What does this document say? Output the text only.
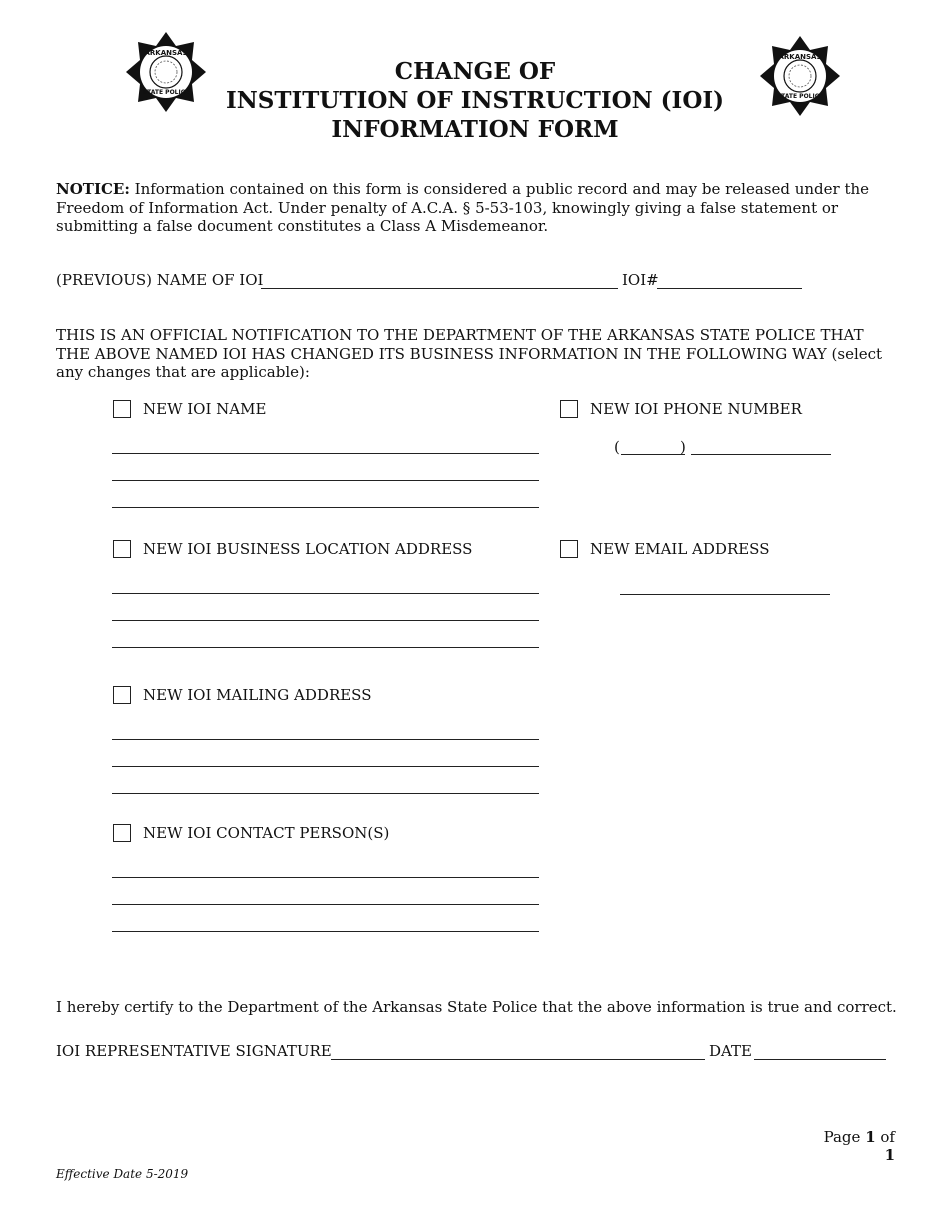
ARKANSAS
STATE POLICE
ARKANSAS
STATE POLICE
CHANGE OF
INSTITUTION OF INSTRUCTION (IOI)
INFORMATION FORM
NOTICE: Information contained on this form is considered a public record and may be released under the Freedom of Information Act. Under penalty of A.C.A. § 5-53-103, knowingly giving a false statement or submitting a false document constitutes a Class A Misdemeanor.
(PREVIOUS) NAME OF IOI	IOI#
THIS IS AN OFFICIAL NOTIFICATION TO THE DEPARTMENT OF THE ARKANSAS STATE POLICE THAT THE ABOVE NAMED IOI HAS CHANGED ITS BUSINESS INFORMATION IN THE FOLLOWING WAY (select any changes that are applicable):
NEW IOI NAME
NEW IOI BUSINESS LOCATION ADDRESS
NEW IOI MAILING ADDRESS
NEW IOI CONTACT PERSON(S)
NEW IOI PHONE NUMBER
(	)
NEW EMAIL ADDRESS
I hereby certify to the Department of the Arkansas State Police that the above information is true and correct.
IOI REPRESENTATIVE SIGNATURE	DATE
Page 1 of 1
Effective Date 5-2019
